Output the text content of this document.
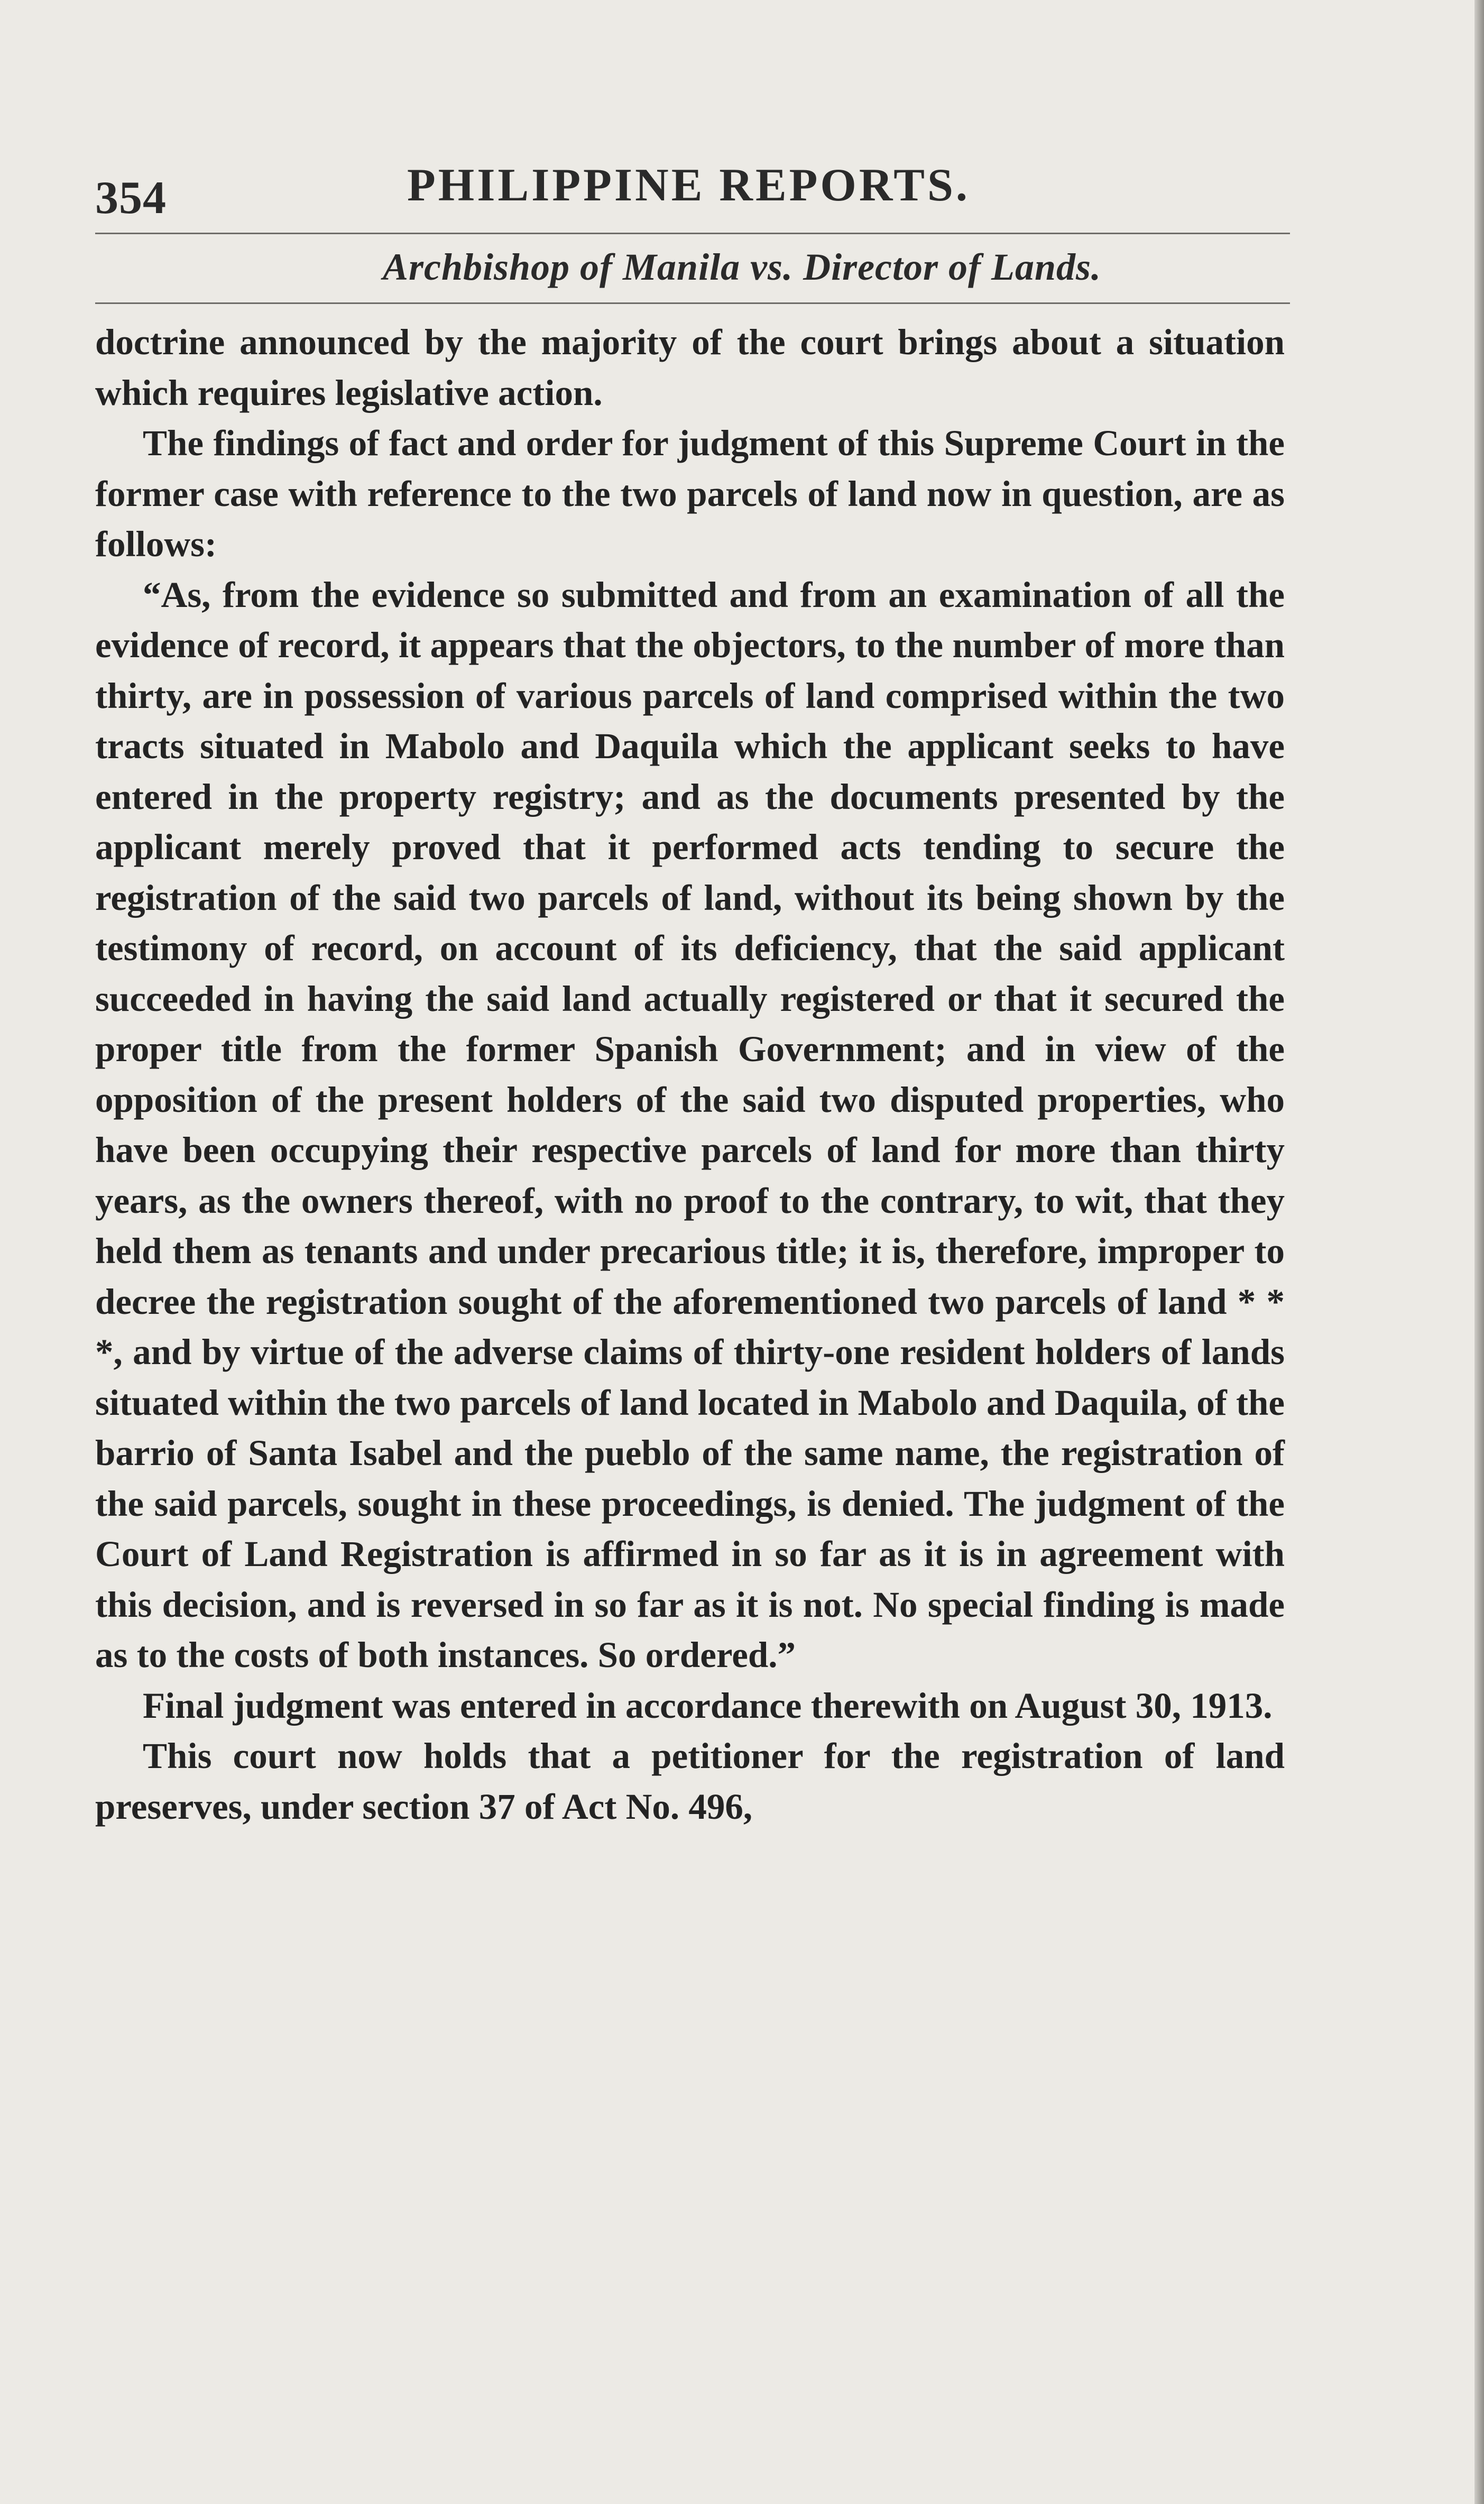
354	PHILIPPINE REPORTS.
Archbishop of Manila vs. Director of Lands.

doctrine announced by the majority of the court brings about a situation which requires legislative action.

The findings of fact and order for judgment of this Supreme Court in the former case with reference to the two parcels of land now in question, are as follows:

“As, from the evidence so submitted and from an examination of all the evidence of record, it appears that the objectors, to the number of more than thirty, are in possession of various parcels of land comprised within the two tracts situated in Mabolo and Daquila which the applicant seeks to have entered in the property registry; and as the documents presented by the applicant merely proved that it performed acts tending to secure the registration of the said two parcels of land, without its being shown by the testimony of record, on account of its deficiency, that the said applicant succeeded in having the said land actually registered or that it secured the proper title from the former Spanish Government; and in view of the opposition of the present holders of the said two disputed properties, who have been occupying their respective parcels of land for more than thirty years, as the owners thereof, with no proof to the contrary, to wit, that they held them as tenants and under precarious title; it is, therefore, improper to decree the registration sought of the aforementioned two parcels of land * * *, and by virtue of the adverse claims of thirty-one resident holders of lands situated within the two parcels of land located in Mabolo and Daquila, of the barrio of Santa Isabel and the pueblo of the same name, the registration of the said parcels, sought in these proceedings, is denied. The judgment of the Court of Land Registration is affirmed in so far as it is in agreement with this decision, and is reversed in so far as it is not. No special finding is made as to the costs of both instances. So ordered.”

Final judgment was entered in accordance therewith on August 30, 1913.

This court now holds that a petitioner for the registration of land preserves, under section 37 of Act No. 496,
